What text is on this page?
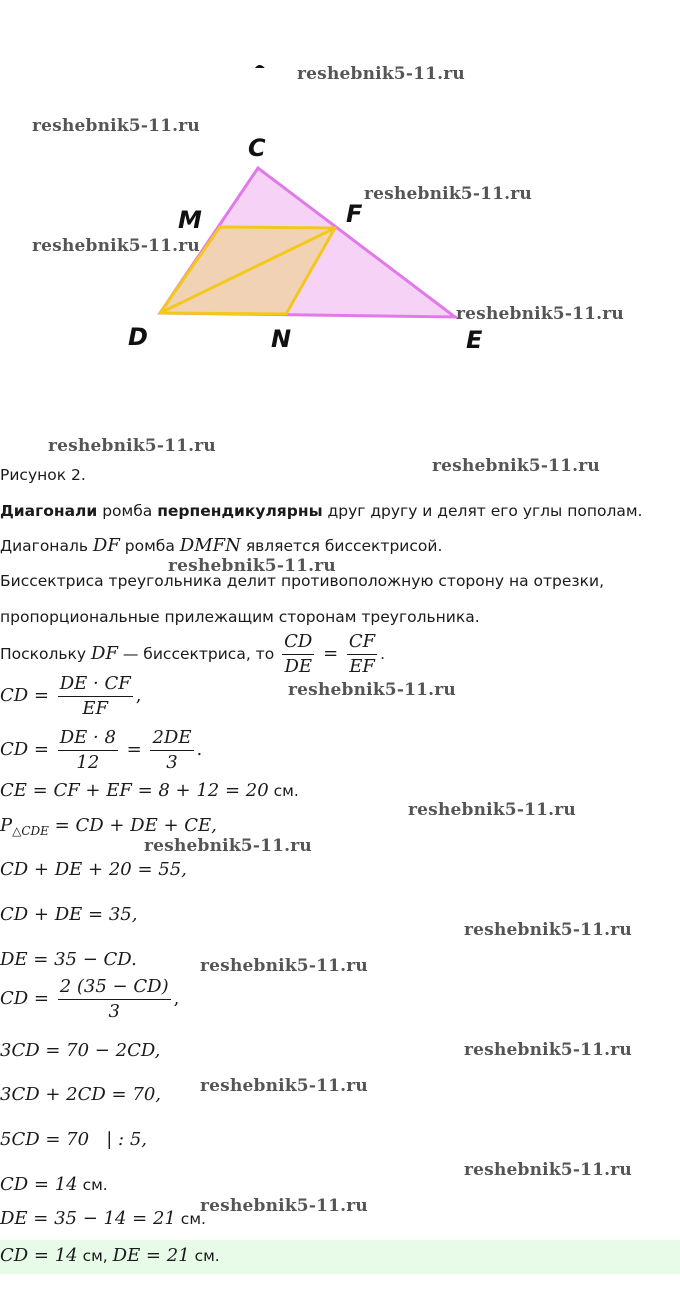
C
D	E
F
M
N
reshebnik5-11.ru
reshebnik5-11.ru
reshebnik5-11.ru
reshebnik5-11.ru
reshebnik5-11.ru
reshebnik5-11.ru
reshebnik5-11.ru
reshebnik5-11.ru
reshebnik5-11.ru
reshebnik5-11.ru
reshebnik5-11.ru
reshebnik5-11.ru
reshebnik5-11.ru
reshebnik5-11.ru
reshebnik5-11.ru
reshebnik5-11.ru
reshebnik5-11.ru
Рисунок 2.
Диагонали ромба перпендикулярны друг другу и делят его углы пополам.
Диагональ DF ромба DMFN является биссектрисой.
Биссектриса треугольника делит противоположную сторону на отрезки,
пропорциональные прилежащим сторонам треугольника.
Поскольку DF — биссектриса, то $\frac{CD}{DE} = \frac{CF}{EF}$ .
CD = $\frac{DE \cdot CF}{EF}$ ,
CD = $\frac{DE \cdot 8}{12} = \frac{2DE}{3}$ .
CE = CF + EF = 8 + 12 = 20 см.
$P_{\triangle CDE}$ = CD + DE + CE,
CD + DE + 20 = 55,
CD + DE = 35,
DE = 35 − CD.
CD = $\frac{2 (35 - CD)}{3}$ ,
3CD = 70 − 2CD,
3CD + 2CD = 70,
5CD = 70   | : 5,
CD = 14 см.
DE = 35 − 14 = 21 см.
CD = 14 см, DE = 21 см.
